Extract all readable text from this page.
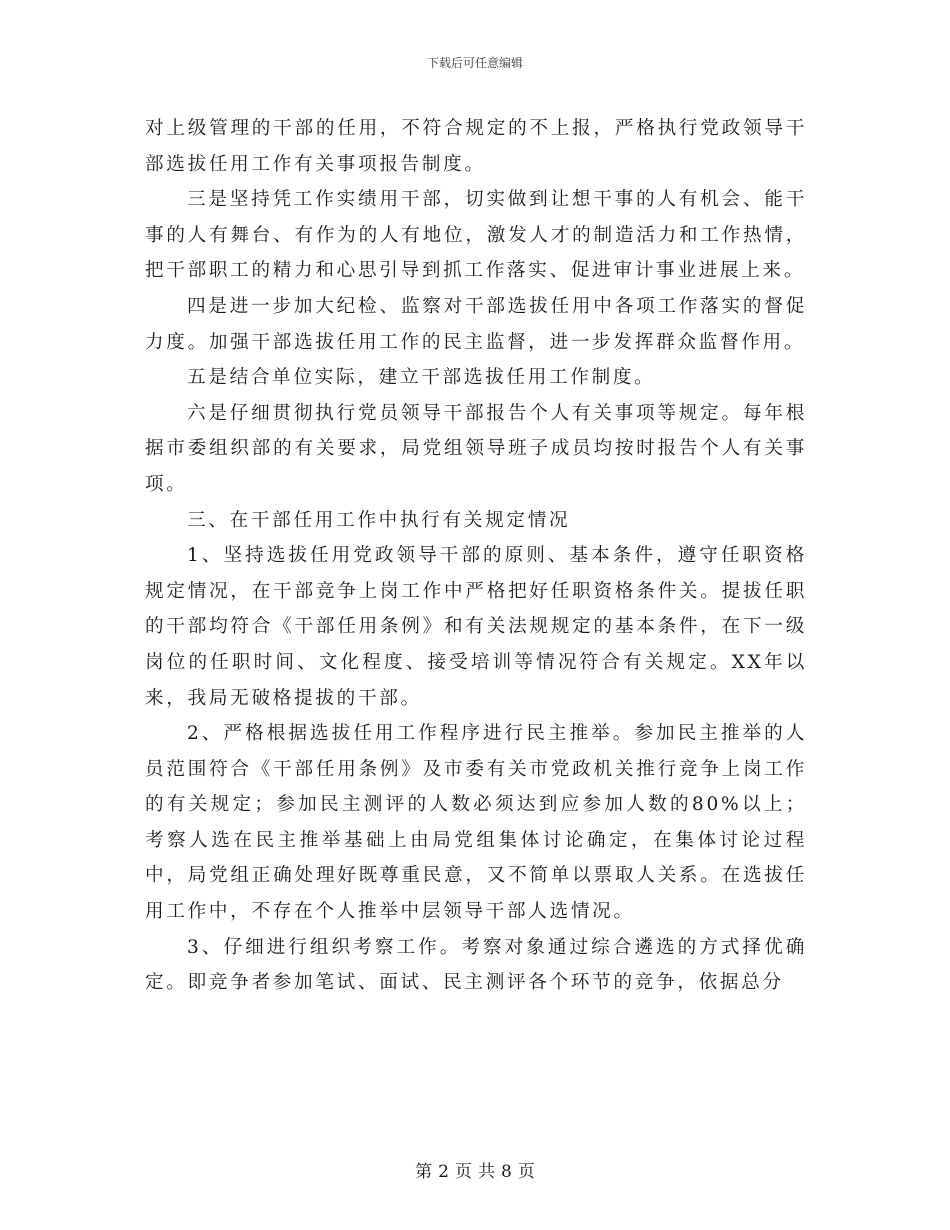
下载后可任意编辑

对上级管理的干部的任用，不符合规定的不上报，严格执行党政领导干部选拔任用工作有关事项报告制度。

三是坚持凭工作实绩用干部，切实做到让想干事的人有机会、能干事的人有舞台、有作为的人有地位，激发人才的制造活力和工作热情，把干部职工的精力和心思引导到抓工作落实、促进审计事业进展上来。

四是进一步加大纪检、监察对干部选拔任用中各项工作落实的督促力度。加强干部选拔任用工作的民主监督，进一步发挥群众监督作用。

五是结合单位实际，建立干部选拔任用工作制度。

六是仔细贯彻执行党员领导干部报告个人有关事项等规定。每年根据市委组织部的有关要求，局党组领导班子成员均按时报告个人有关事项。

三、在干部任用工作中执行有关规定情况

1、坚持选拔任用党政领导干部的原则、基本条件，遵守任职资格规定情况，在干部竞争上岗工作中严格把好任职资格条件关。提拔任职的干部均符合《干部任用条例》和有关法规规定的基本条件，在下一级岗位的任职时间、文化程度、接受培训等情况符合有关规定。XX年以来，我局无破格提拔的干部。

2、严格根据选拔任用工作程序进行民主推举。参加民主推举的人员范围符合《干部任用条例》及市委有关市党政机关推行竞争上岗工作的有关规定；参加民主测评的人数必须达到应参加人数的80%以上；考察人选在民主推举基础上由局党组集体讨论确定，在集体讨论过程中，局党组正确处理好既尊重民意，又不简单以票取人关系。在选拔任用工作中，不存在个人推举中层领导干部人选情况。

3、仔细进行组织考察工作。考察对象通过综合遴选的方式择优确定。即竞争者参加笔试、面试、民主测评各个环节的竞争，依据总分

第 2 页 共 8 页
